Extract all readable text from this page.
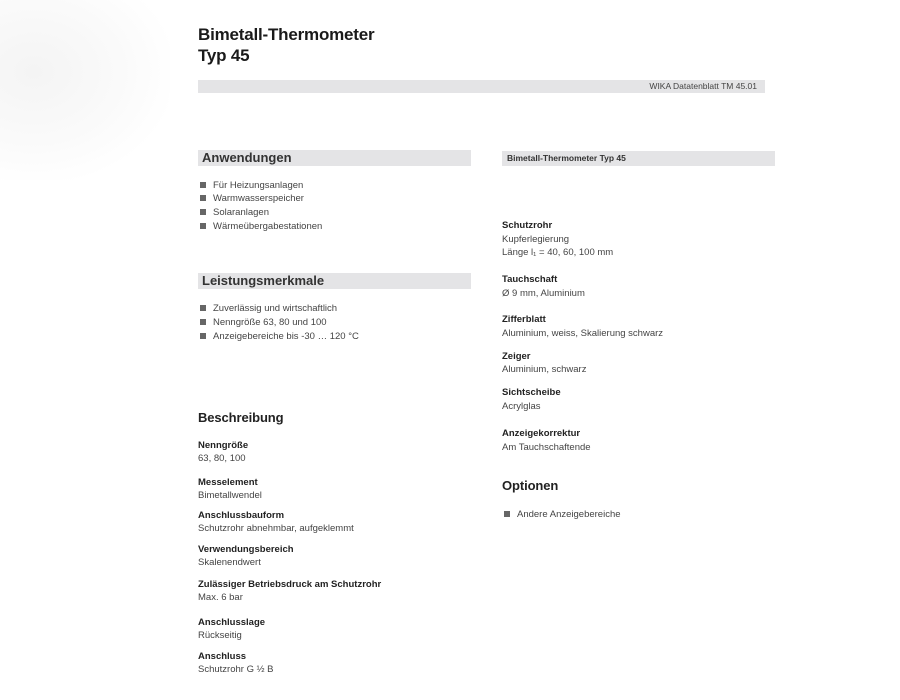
Bimetall-Thermometer
Typ 45
WIKA Datatenblatt TM 45.01
Anwendungen
Für Heizungsanlagen
Warmwasserspeicher
Solaranlagen
Wärmeübergabestationen
Leistungsmerkmale
Zuverlässig und wirtschaftlich
Nenngröße 63, 80 und 100
Anzeigebereiche bis -30 … 120 °C
Beschreibung
Nenngröße
63, 80, 100
Messelement
Bimetallwendel
Anschlussbauform
Schutzrohr abnehmbar, aufgeklemmt
Verwendungsbereich
Skalenendwert
Zulässiger Betriebsdruck am Schutzrohr
Max. 6 bar
Anschlusslage
Rückseitig
Anschluss
Schutzrohr G ½ B
Bimetall-Thermometer Typ 45
Schutzrohr
Kupferlegierung
Länge l₁ = 40, 60, 100 mm
Tauchschaft
Ø 9 mm, Aluminium
Zifferblatt
Aluminium, weiss, Skalierung schwarz
Zeiger
Aluminium, schwarz
Sichtscheibe
Acrylglas
Anzeigekorrektur
Am Tauchschaftende
Optionen
Andere Anzeigebereiche
